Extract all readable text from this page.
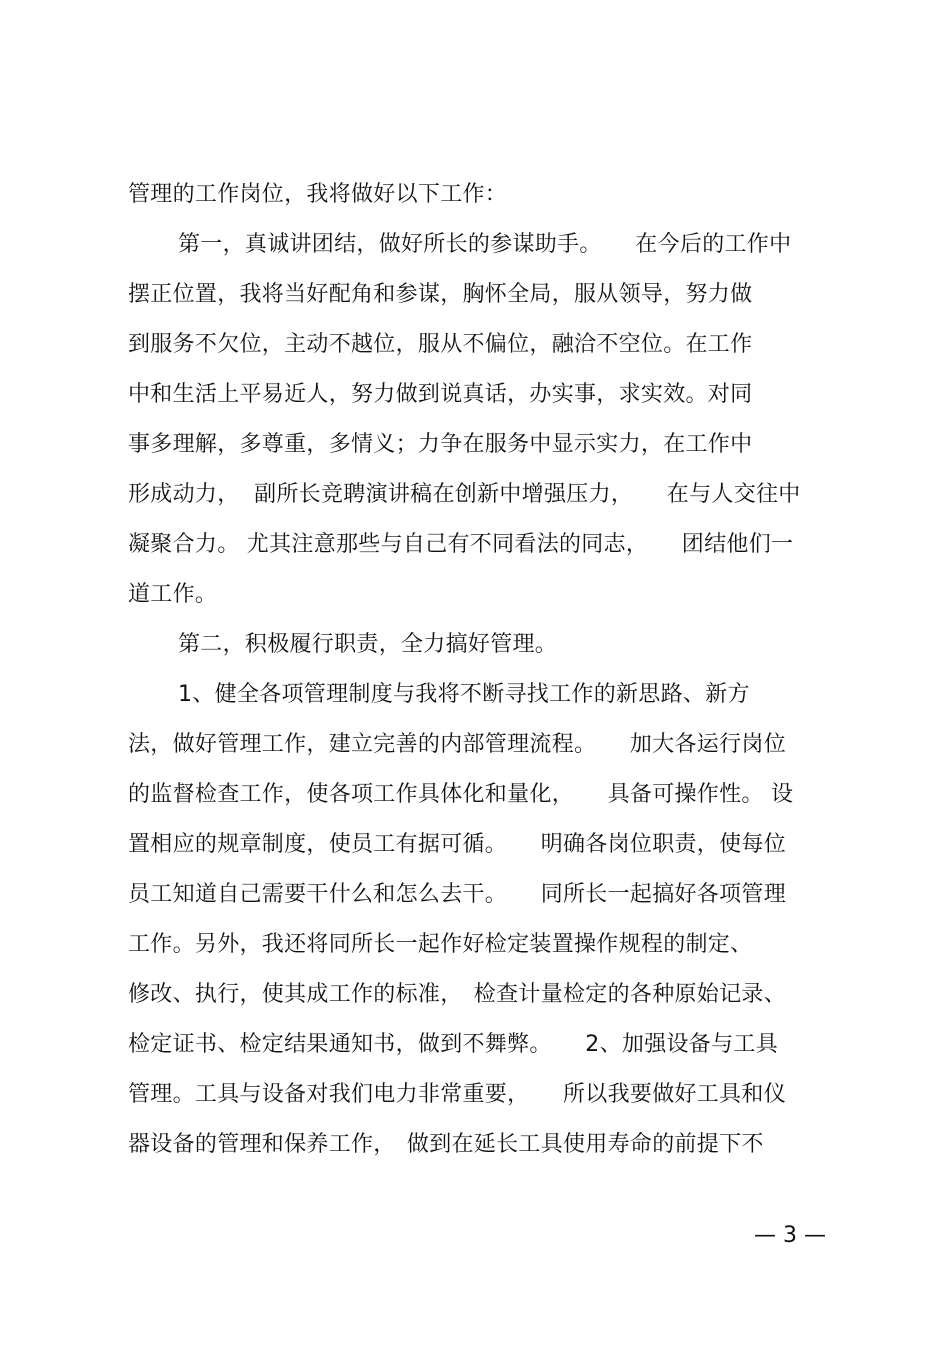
管理的工作岗位，我将做好以下工作：
第一，真诚讲团结，做好所长的参谋助手。　　在今后的工作中
摆正位置，我将当好配角和参谋，胸怀全局，服从领导，努力做
到服务不欠位，主动不越位，服从不偏位，融洽不空位。在工作
中和生活上平易近人，努力做到说真话，办实事，求实效。对同
事多理解，多尊重，多情义；力争在服务中显示实力，在工作中
形成动力，  副所长竞聘演讲稿在创新中增强压力，　　在与人交往中
凝聚合力。 尤其注意那些与自己有不同看法的同志，　　团结他们一
道工作。
第二，积极履行职责，全力搞好管理。
1、健全各项管理制度与我将不断寻找工作的新思路、新方
法，做好管理工作，建立完善的内部管理流程。　　加大各运行岗位
的监督检查工作，使各项工作具体化和量化，　　具备可操作性。 设
置相应的规章制度，使员工有据可循。　　明确各岗位职责，使每位
员工知道自己需要干什么和怎么去干。　　同所长一起搞好各项管理
工作。另外，我还将同所长一起作好检定装置操作规程的制定、
修改、执行，使其成工作的标准，　检查计量检定的各种原始记录、
检定证书、检定结果通知书，做到不舞弊。　　2、加强设备与工具
管理。工具与设备对我们电力非常重要，　　所以我要做好工具和仪
器设备的管理和保养工作，　做到在延长工具使用寿命的前提下不
— 3 —
